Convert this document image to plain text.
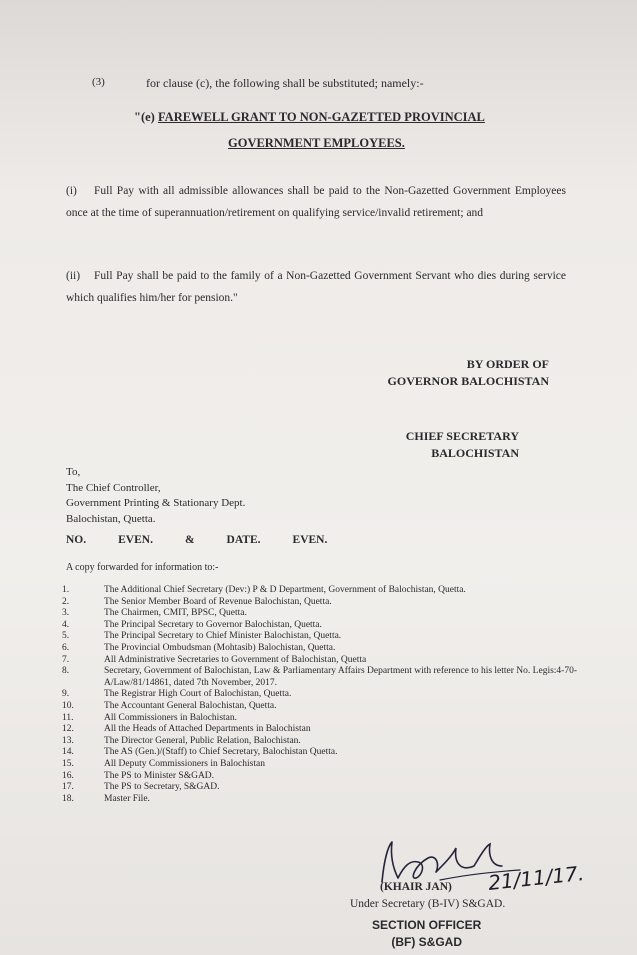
(3)	for clause (c), the following shall be substituted; namely:-
"(e) FAREWELL GRANT TO NON-GAZETTED PROVINCIAL
GOVERNMENT EMPLOYEES.
(i) Full Pay with all admissible allowances shall be paid to the Non-Gazetted Government Employees once at the time of superannuation/retirement on qualifying service/invalid retirement; and
(ii) Full Pay shall be paid to the family of a Non-Gazetted Government Servant who dies during service which qualifies him/her for pension."
BY ORDER OF
GOVERNOR BALOCHISTAN
CHIEF SECRETARY
BALOCHISTAN
To,
The Chief Controller,
Government Printing & Stationary Dept.
Balochistan, Quetta.
NO.	EVEN.	&	DATE.	EVEN.
A copy forwarded for information to:-
1.	The Additional Chief Secretary (Dev:) P & D Department, Government of Balochistan, Quetta.
2.	The Senior Member Board of Revenue Balochistan, Quetta.
3.	The Chairmen, CMIT, BPSC, Quetta.
4.	The Principal Secretary to Governor Balochistan, Quetta.
5.	The Principal Secretary to Chief Minister Balochistan, Quetta.
6.	The Provincial Ombudsman (Mohtasib) Balochistan, Quetta.
7.	All Administrative Secretaries to Government of Balochistan, Quetta
8.	Secretary, Government of Balochistan, Law & Parliamentary Affairs Department with reference to his letter No. Legis:4-70-A/Law/81/14861, dated 7th November, 2017.
9.	The Registrar High Court of Balochistan, Quetta.
10.	The Accountant General Balochistan, Quetta.
11.	All Commissioners in Balochistan.
12.	All the Heads of Attached Departments in Balochistan
13.	The Director General, Public Relation, Balochistan.
14.	The AS (Gen.)/(Staff) to Chief Secretary, Balochistan Quetta.
15.	All Deputy Commissioners in Balochistan
16.	The PS to Minister S&GAD.
17.	The PS to Secretary, S&GAD.
18.	Master File.
21/11/17.
(KHAIR JAN)
Under Secretary (B-IV) S&GAD.
SECTION OFFICER
(BF) S&GAD
